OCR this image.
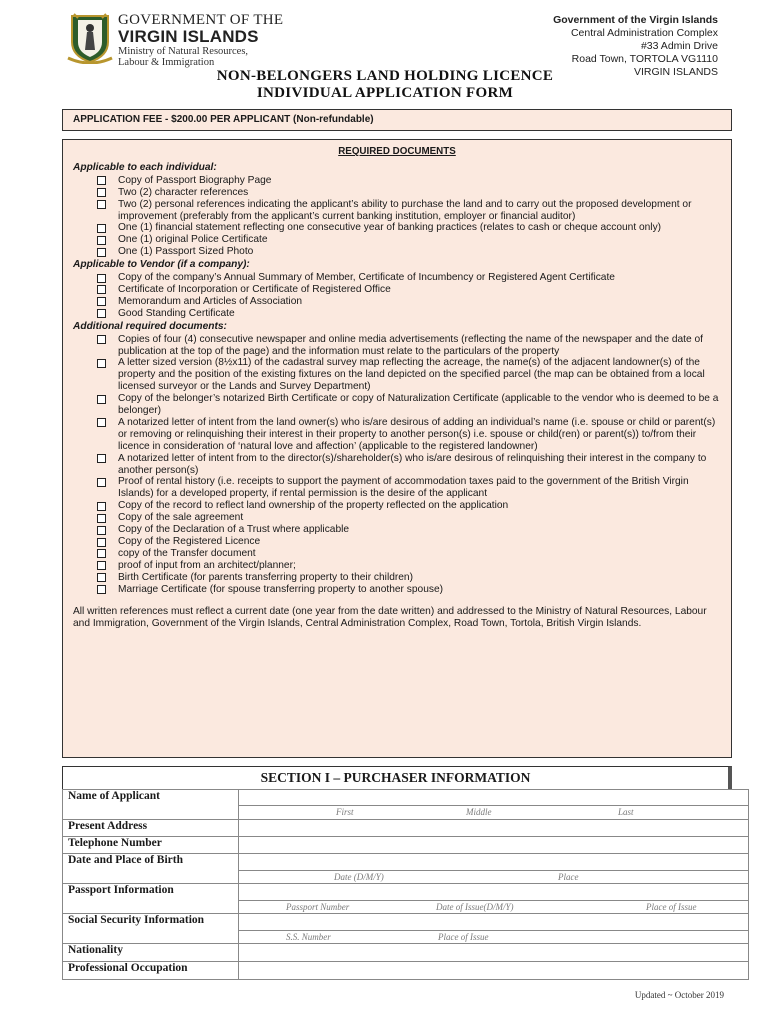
GOVERNMENT OF THE
VIRGIN ISLANDS
Ministry of Natural Resources,
Labour & Immigration
Government of the Virgin Islands
Central Administration Complex
#33 Admin Drive
Road Town, TORTOLA VG1110
VIRGIN ISLANDS
NON-BELONGERS LAND HOLDING LICENCE
INDIVIDUAL APPLICATION FORM
APPLICATION FEE - $200.00 PER APPLICANT (Non-refundable)
REQUIRED DOCUMENTS
Applicable to each individual:
Copy of Passport Biography Page
Two (2) character references
Two (2) personal references indicating the applicant’s ability to purchase the land and to carry out the proposed development or improvement (preferably from the applicant’s current banking institution, employer or financial auditor)
One (1) financial statement reflecting one consecutive year of banking practices (relates to cash or cheque account only)
One (1) original Police Certificate
One (1) Passport Sized Photo
Applicable to Vendor (if a company):
Copy of the company’s Annual Summary of Member, Certificate of Incumbency or Registered Agent Certificate
Certificate of Incorporation or Certificate of Registered Office
Memorandum and Articles of Association
Good Standing Certificate
Additional required documents:
Copies of four (4) consecutive newspaper and online media advertisements (reflecting the name of the newspaper and the date of publication at the top of the page) and the information must relate to the particulars of the property
A letter sized version (8½x11) of the cadastral survey map reflecting the acreage, the name(s) of the adjacent landowner(s) of the property and the position of the existing fixtures on the land depicted on the specified parcel (the map can be obtained from a local licensed surveyor or the Lands and Survey Department)
Copy of the belonger’s notarized Birth Certificate or copy of Naturalization Certificate (applicable to the vendor who is deemed to be a belonger)
A notarized letter of intent from the land owner(s) who is/are desirous of adding an individual’s name (i.e. spouse or child or parent(s) or removing or relinquishing their interest in their property to another person(s) i.e. spouse or child(ren) or parent(s)) to/from their licence in consideration of ‘natural love and affection’ (applicable to the registered landowner)
A notarized letter of intent from to the director(s)/shareholder(s) who is/are desirous of relinquishing their interest in the company to another person(s)
Proof of rental history (i.e. receipts to support the payment of accommodation taxes paid to the government of the British Virgin Islands) for a developed property, if rental permission is the desire of the applicant
Copy of the record to reflect land ownership of the property reflected on the application
Copy of the sale agreement
Copy of the Declaration of a Trust where applicable
Copy of the Registered Licence
copy of the Transfer document
proof of input from an architect/planner;
Birth Certificate (for parents transferring property to their children)
Marriage Certificate (for spouse transferring property to another spouse)
All written references must reflect a current date (one year from the date written) and addressed to the Ministry of Natural Resources, Labour and Immigration, Government of the Virgin Islands, Central Administration Complex, Road Town, Tortola, British Virgin Islands.
SECTION I – PURCHASER INFORMATION
Name of Applicant	

	First Middle Last

Present Address	
Telephone Number	
Date and Place of Birth	

	Date (D/M/Y) Place

Passport Information	

	Passport Number Date of Issue(D/M/Y) Place of Issue

Social Security Information	

	S.S. Number Place of Issue

Nationality	
Professional Occupation	
Updated ~ October 2019
